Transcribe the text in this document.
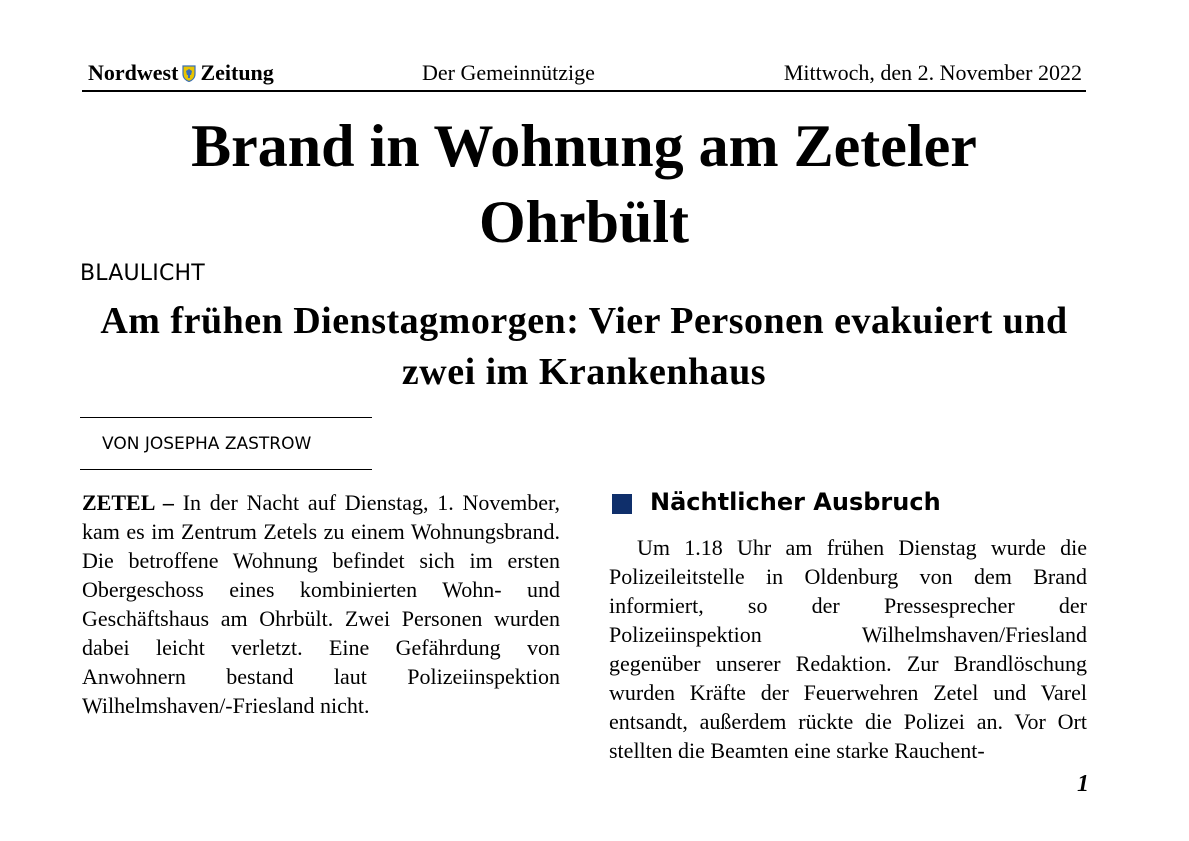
Nordwest Zeitung	Der Gemeinnützige	Mittwoch, den 2. November 2022
Brand in Wohnung am Zeteler Ohrbült
BLAULICHT
Am frühen Dienstagmorgen: Vier Personen evakuiert und zwei im Krankenhaus
VON JOSEPHA ZASTROW

ZETEL – In der Nacht auf Dienstag, 1. November, kam es im Zentrum Zetels zu einem Wohnungsbrand. Die betroffene Wohnung befindet sich im ersten Obergeschoss eines kombinierten Wohn- und Geschäftshaus am Ohrbült. Zwei Personen wurden dabei leicht verletzt. Eine Gefährdung von Anwohnern bestand laut Polizeiinspektion Wilhelmshaven/-Friesland nicht.

Nächtlicher Ausbruch

Um 1.18 Uhr am frühen Dienstag wurde die Polizeileitstelle in Oldenburg von dem Brand informiert, so der Pressesprecher der Polizeiinspektion Wilhelmshaven/Friesland gegenüber unserer Redaktion. Zur Brandlöschung wurden Kräfte der Feuerwehren Zetel und Varel entsandt, außerdem rückte die Polizei an. Vor Ort stellten die Beamten eine starke Rauchent-

1
